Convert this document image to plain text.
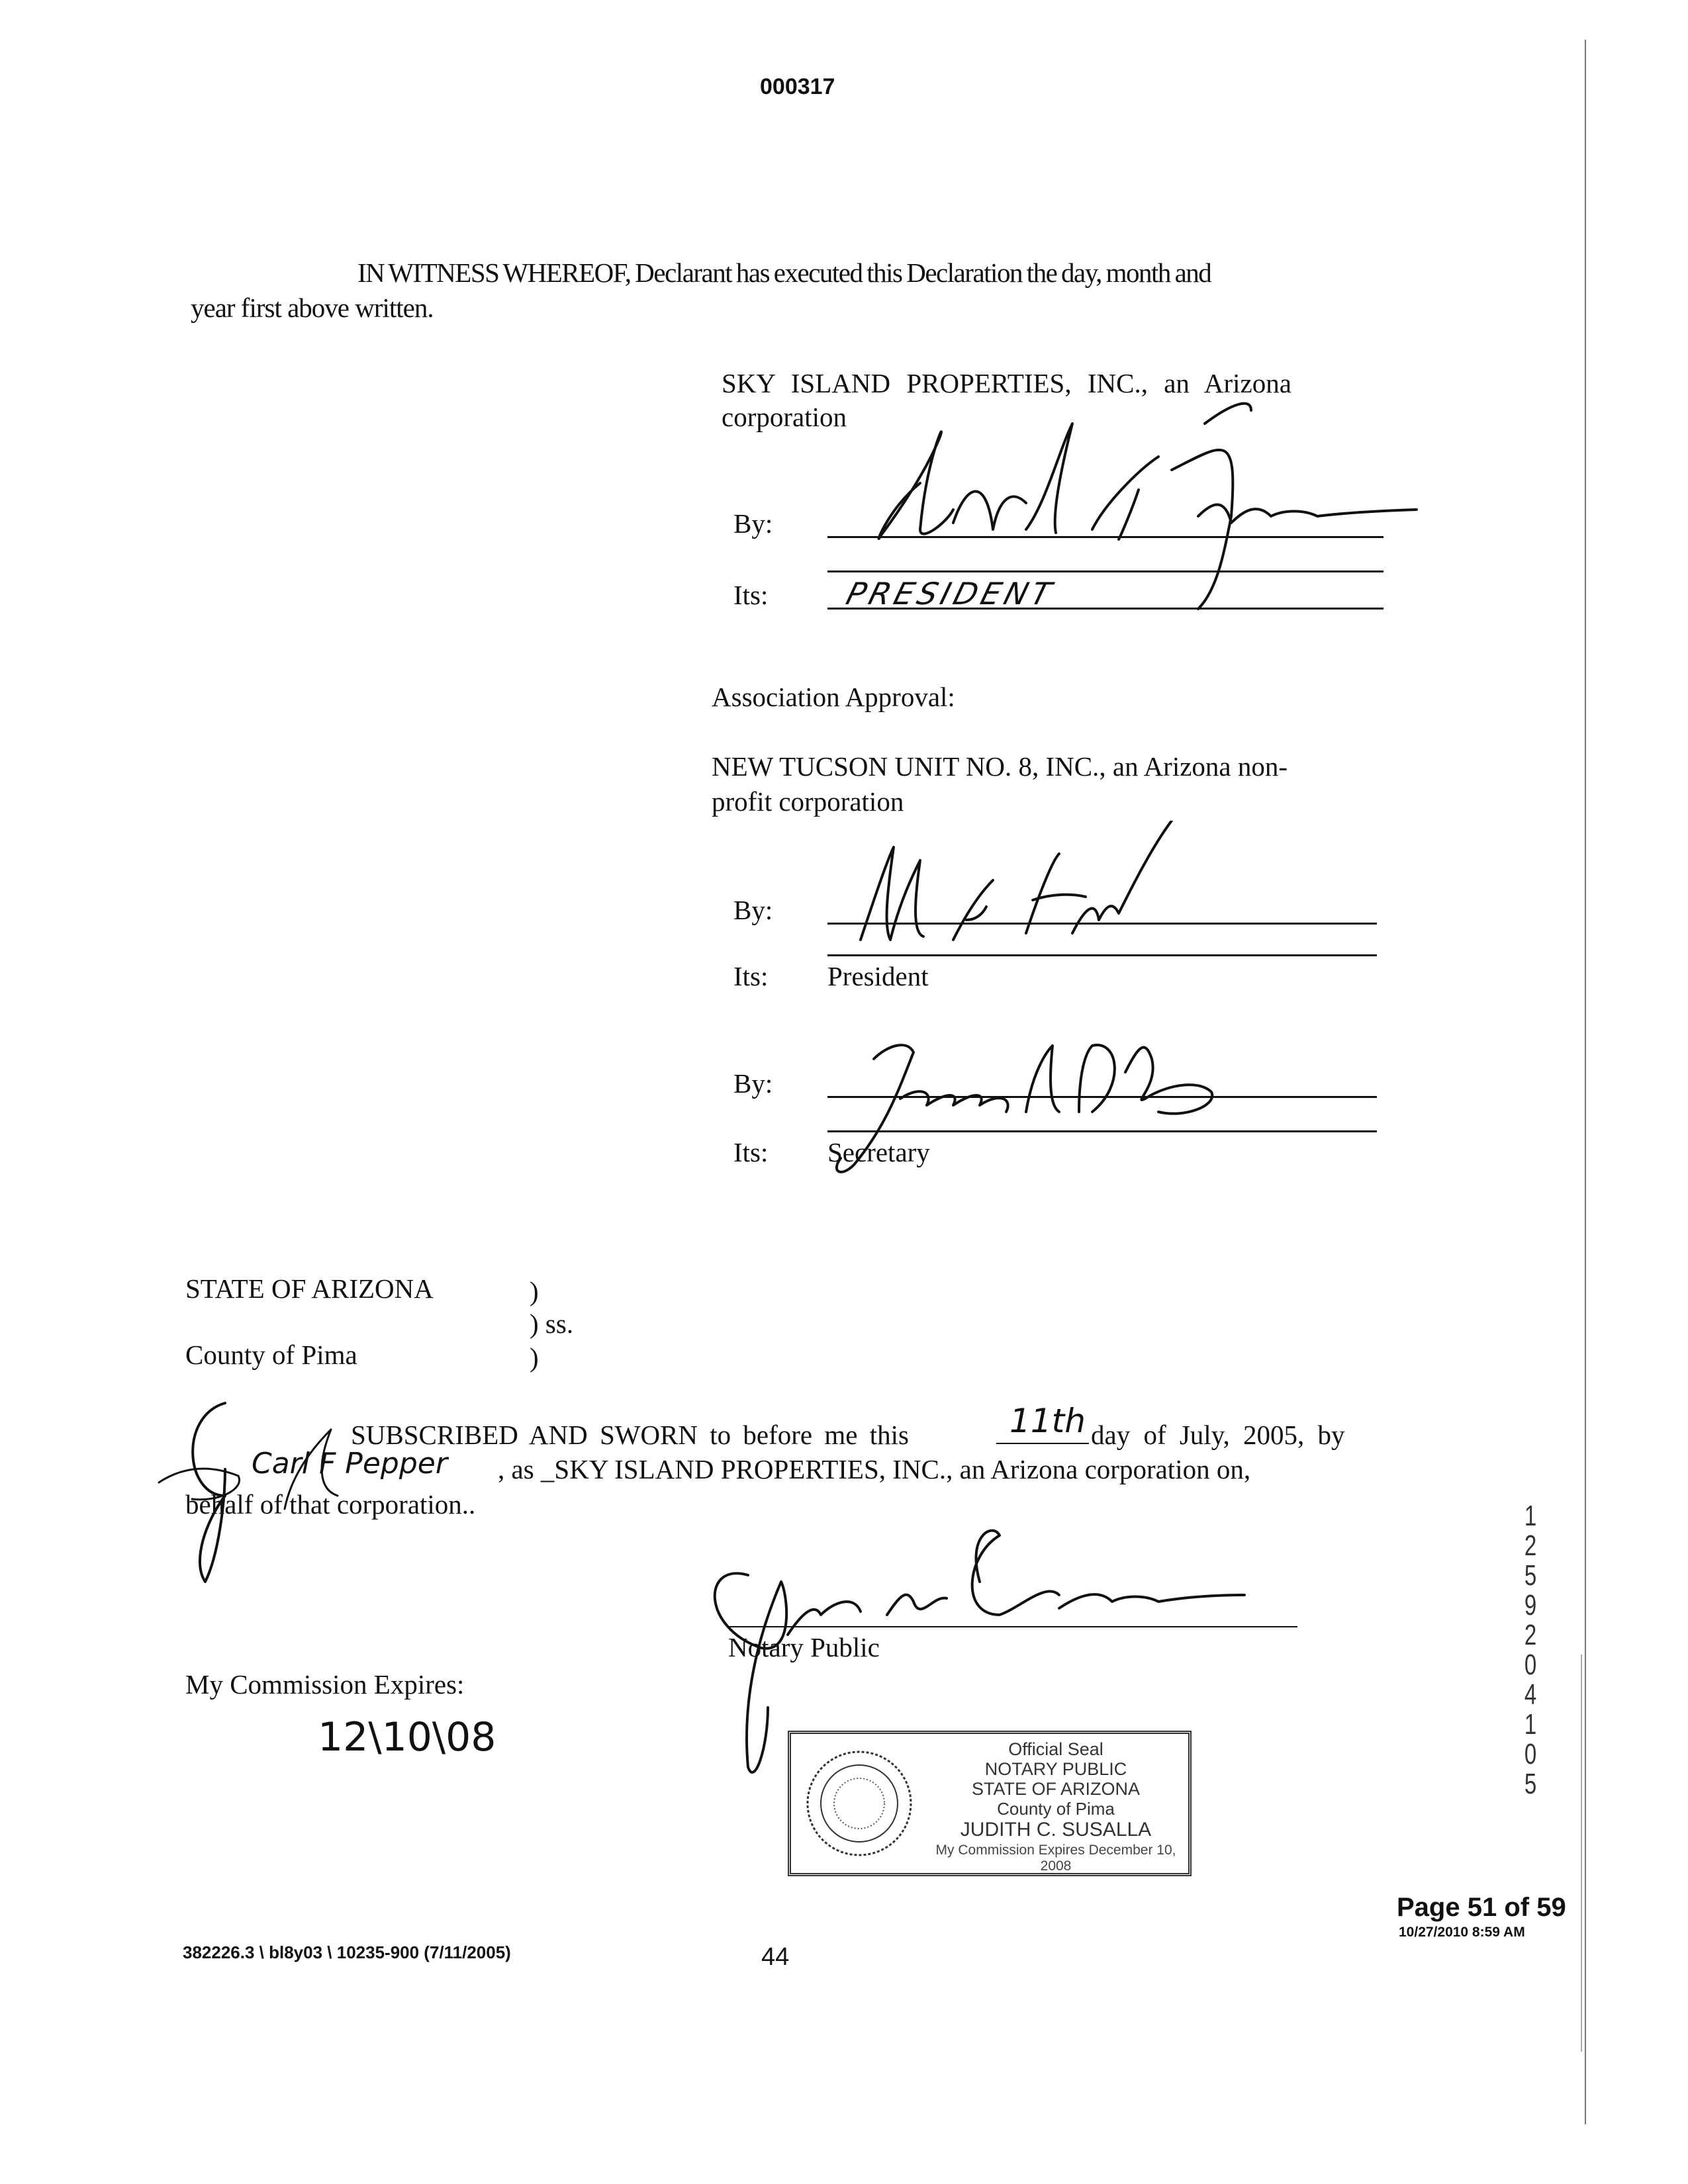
000317
IN WITNESS WHEREOF, Declarant has executed this Declaration the day, month and
year first above written.
SKY ISLAND PROPERTIES, INC., an Arizona
corporation
By:
Its: PRESIDENT
Association Approval:
NEW TUCSON UNIT NO. 8, INC., an Arizona non-
profit corporation
By:
Its: President
By:
Its: Secretary
STATE OF ARIZONA	)
) ss.
County of Pima	)
SUBSCRIBED AND SWORN to before me this	11th day of July, 2005, by
Carl F Pepper , as _SKY ISLAND PROPERTIES, INC., an Arizona corporation on,
behalf of that corporation..
Notary Public
My Commission Expires:
12\10\08	Official Seal
NOTARY PUBLIC
STATE OF ARIZONA
County of Pima
JUDITH C. SUSALLA
My Commission Expires December 10, 2008
12592 04105
Page 51 of 59
10/27/2010 8:59 AM
382226.3 \ bl8y03 \ 10235-900 (7/11/2005)	44
